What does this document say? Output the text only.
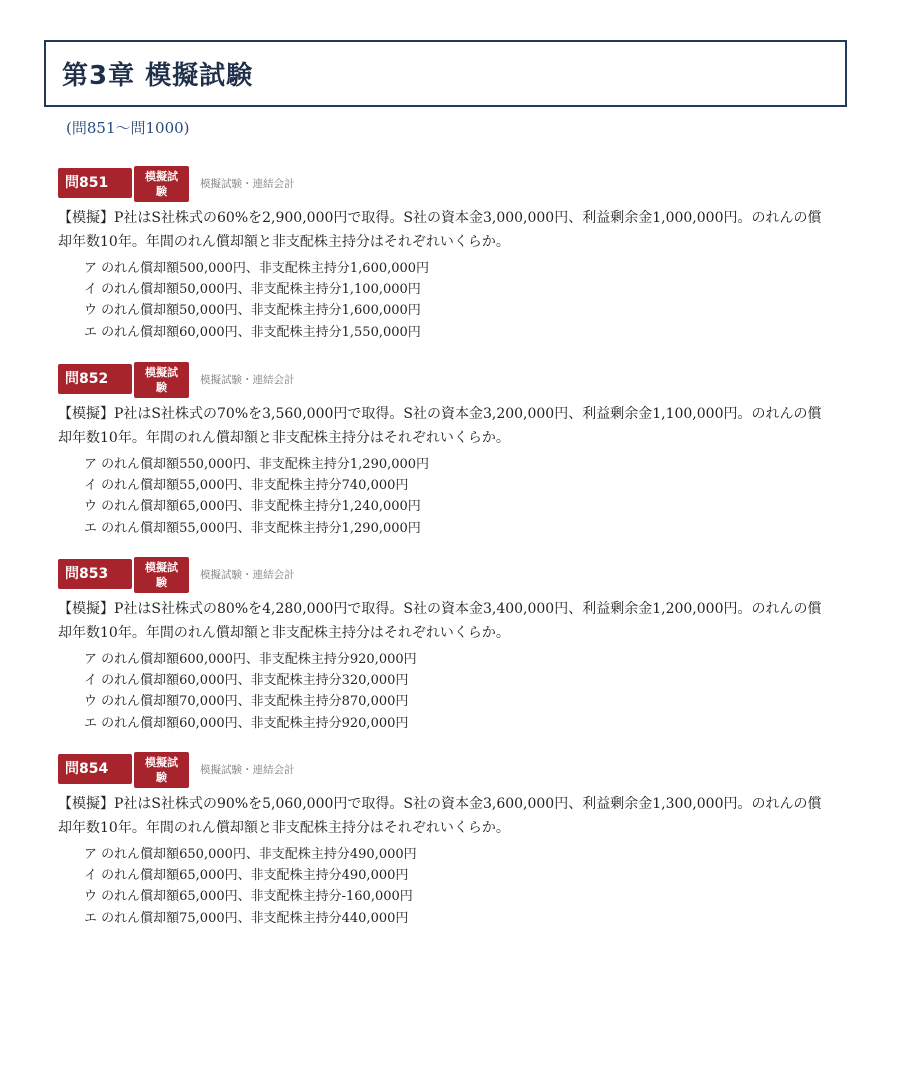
第3章 模擬試験
(問851～問1000)
問851	模擬試
験
模擬試験・連結会計
【模擬】P社はS社株式の60%を2,900,000円で取得。S社の資本金3,000,000円、利益剰余金1,000,000円。のれんの償却年数10年。年間のれん償却額と非支配株主持分はそれぞれいくらか。
ア のれん償却額500,000円、非支配株主持分1,600,000円
イ のれん償却額50,000円、非支配株主持分1,100,000円
ウ のれん償却額50,000円、非支配株主持分1,600,000円
エ のれん償却額60,000円、非支配株主持分1,550,000円
問852	模擬試
験
模擬試験・連結会計
【模擬】P社はS社株式の70%を3,560,000円で取得。S社の資本金3,200,000円、利益剰余金1,100,000円。のれんの償却年数10年。年間のれん償却額と非支配株主持分はそれぞれいくらか。
ア のれん償却額550,000円、非支配株主持分1,290,000円
イ のれん償却額55,000円、非支配株主持分740,000円
ウ のれん償却額65,000円、非支配株主持分1,240,000円
エ のれん償却額55,000円、非支配株主持分1,290,000円
問853	模擬試
験
模擬試験・連結会計
【模擬】P社はS社株式の80%を4,280,000円で取得。S社の資本金3,400,000円、利益剰余金1,200,000円。のれんの償却年数10年。年間のれん償却額と非支配株主持分はそれぞれいくらか。
ア のれん償却額600,000円、非支配株主持分920,000円
イ のれん償却額60,000円、非支配株主持分320,000円
ウ のれん償却額70,000円、非支配株主持分870,000円
エ のれん償却額60,000円、非支配株主持分920,000円
問854	模擬試
験
模擬試験・連結会計
【模擬】P社はS社株式の90%を5,060,000円で取得。S社の資本金3,600,000円、利益剰余金1,300,000円。のれんの償却年数10年。年間のれん償却額と非支配株主持分はそれぞれいくらか。
ア のれん償却額650,000円、非支配株主持分490,000円
イ のれん償却額65,000円、非支配株主持分490,000円
ウ のれん償却額65,000円、非支配株主持分-160,000円
エ のれん償却額75,000円、非支配株主持分440,000円
